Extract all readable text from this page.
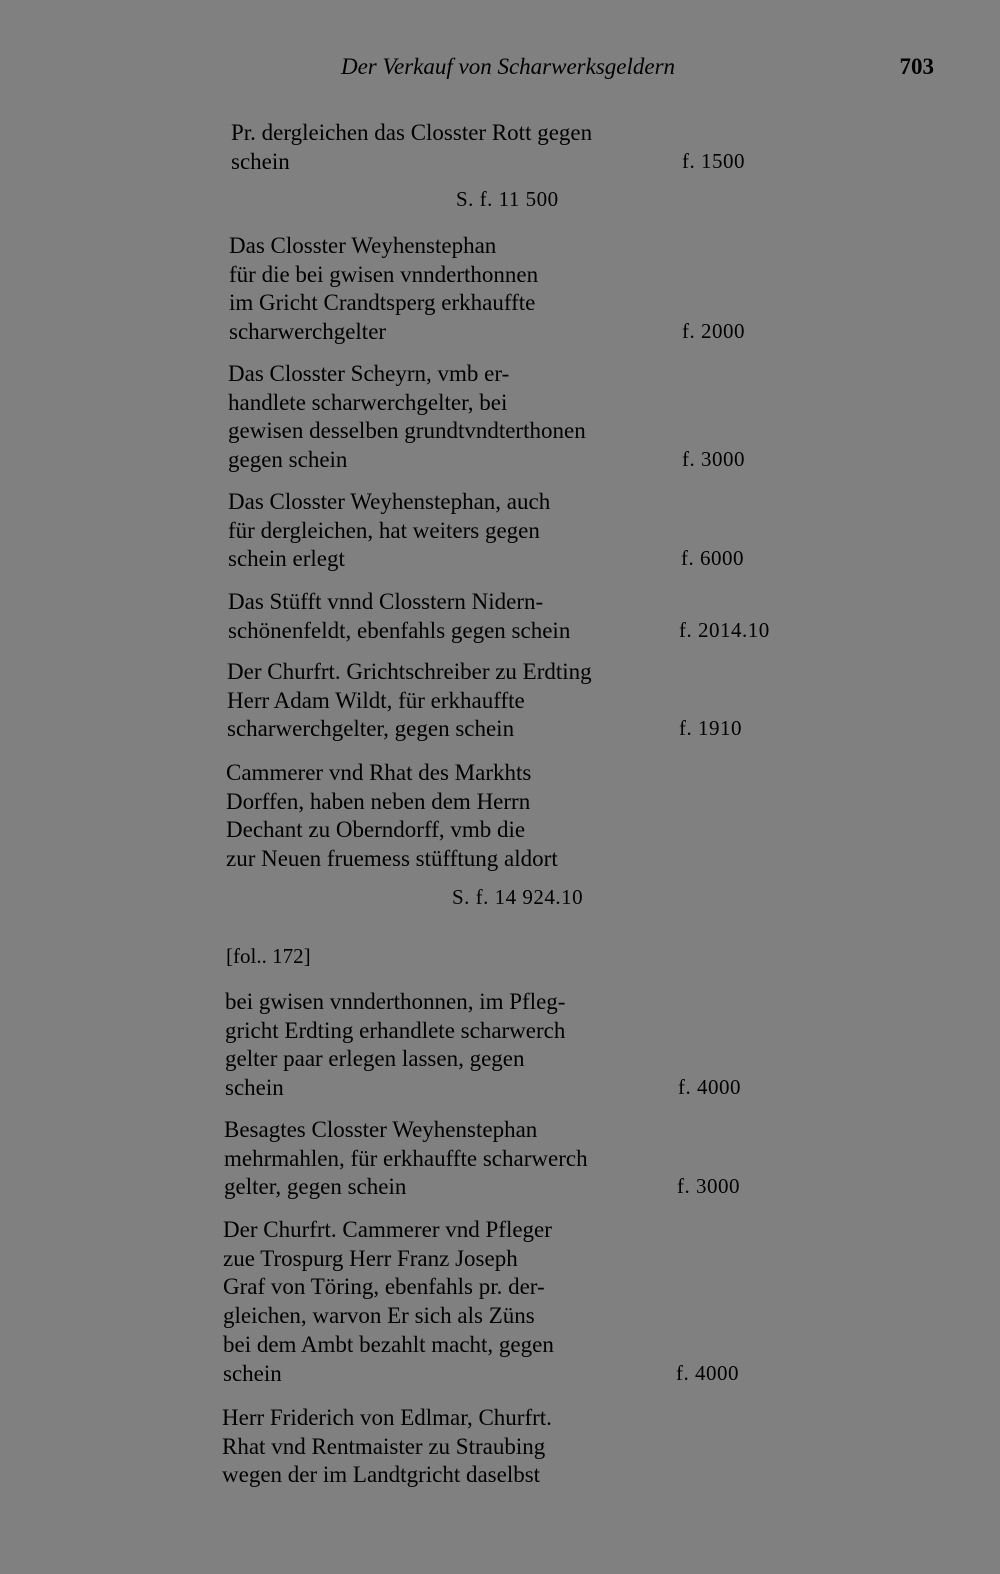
Der Verkauf von Scharwerksgeldern	703
Pr. dergleichen das Closster Rott gegen
schein	f. 1500
Das Closster Weyhenstephan
für die bei gwisen vnnderthonnen
im Gricht Crandtsperg erkhauffte
scharwerchgelter	f. 2000
Das Closster Scheyrn, vmb er-
handlete scharwerchgelter, bei
gewisen desselben grundtvndterthonen
gegen schein	f. 3000
Das Closster Weyhenstephan, auch
für dergleichen, hat weiters gegen
schein erlegt	f. 6000
Das Stüfft vnnd Closstern Nidern-
schönenfeldt, ebenfahls gegen schein	f. 2014.10
Der Churfrt. Grichtschreiber zu Erdting
Herr Adam Wildt, für erkhauffte
scharwerchgelter, gegen schein	f. 1910
Cammerer vnd Rhat des Markhts
Dorffen, haben neben dem Herrn
Dechant zu Oberndorff, vmb die
zur Neuen fruemess stüfftung aldort
bei gwisen vnnderthonnen, im Pfleg-
gricht Erdting erhandlete scharwerch
gelter paar erlegen lassen, gegen
schein	f. 4000
Besagtes Closster Weyhenstephan
mehrmahlen, für erkhauffte scharwerch
gelter, gegen schein	f. 3000
Der Churfrt. Cammerer vnd Pfleger
zue Trospurg Herr Franz Joseph
Graf von Töring, ebenfahls pr. der-
gleichen, warvon Er sich als Züns
bei dem Ambt bezahlt macht, gegen
schein	f. 4000
Herr Friderich von Edlmar, Churfrt.
Rhat vnd Rentmaister zu Straubing
wegen der im Landtgricht daselbst
S. f. 11 500
S. f. 14 924.10
[fol.. 172]
